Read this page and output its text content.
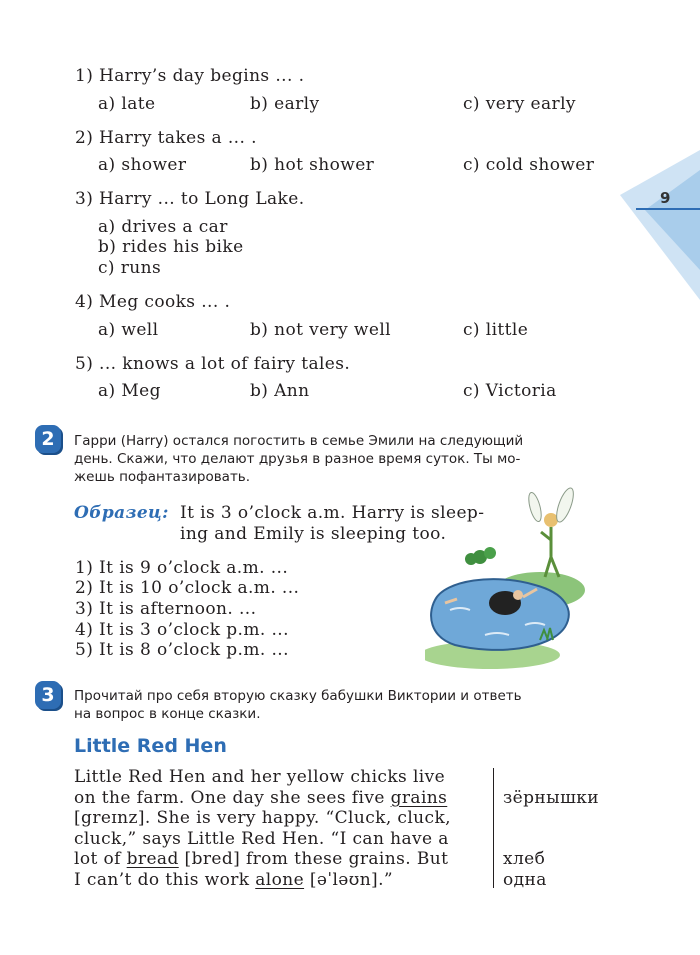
9
1) Harry’s day begins ... .
a) late	b) early	c) very early
2) Harry takes a ... .
a) shower	b) hot shower	c) cold shower
3) Harry ... to Long Lake.
a) drives a car
b) rides his bike
c) runs
4) Meg cooks ... .
a) well	b) not very well	c) little
5) ... knows a lot of fairy tales.
a) Meg	b) Ann	c) Victoria
2	Гарри (Harry) остался погостить в семье Эмили на следующий
день. Скажи, что делают друзья в разное время суток. Ты мо-
жешь пофантазировать.
Образец: It is 3 o’clock a.m. Harry is sleep-
ing and Emily is sleeping too.
1) It is 9 o’clock a.m. ...
2) It is 10 o’clock a.m. ...
3) It is afternoon. ...
4) It is 3 o’clock p.m. ...
5) It is 8 o’clock p.m. ...
3	Прочитай про себя вторую сказку бабушки Виктории и ответь
на вопрос в конце сказки.
Little Red Hen
Little Red Hen and her yellow chicks live
on the farm. One day she sees five grains
[greɪnz]. She is very happy. “Cluck, cluck,
cluck,” says Little Red Hen. “I can have a
lot of bread [bred] from these grains. But
I can’t do this work alone [əˈləʊn].”
зёрнышки
хлеб
одна
